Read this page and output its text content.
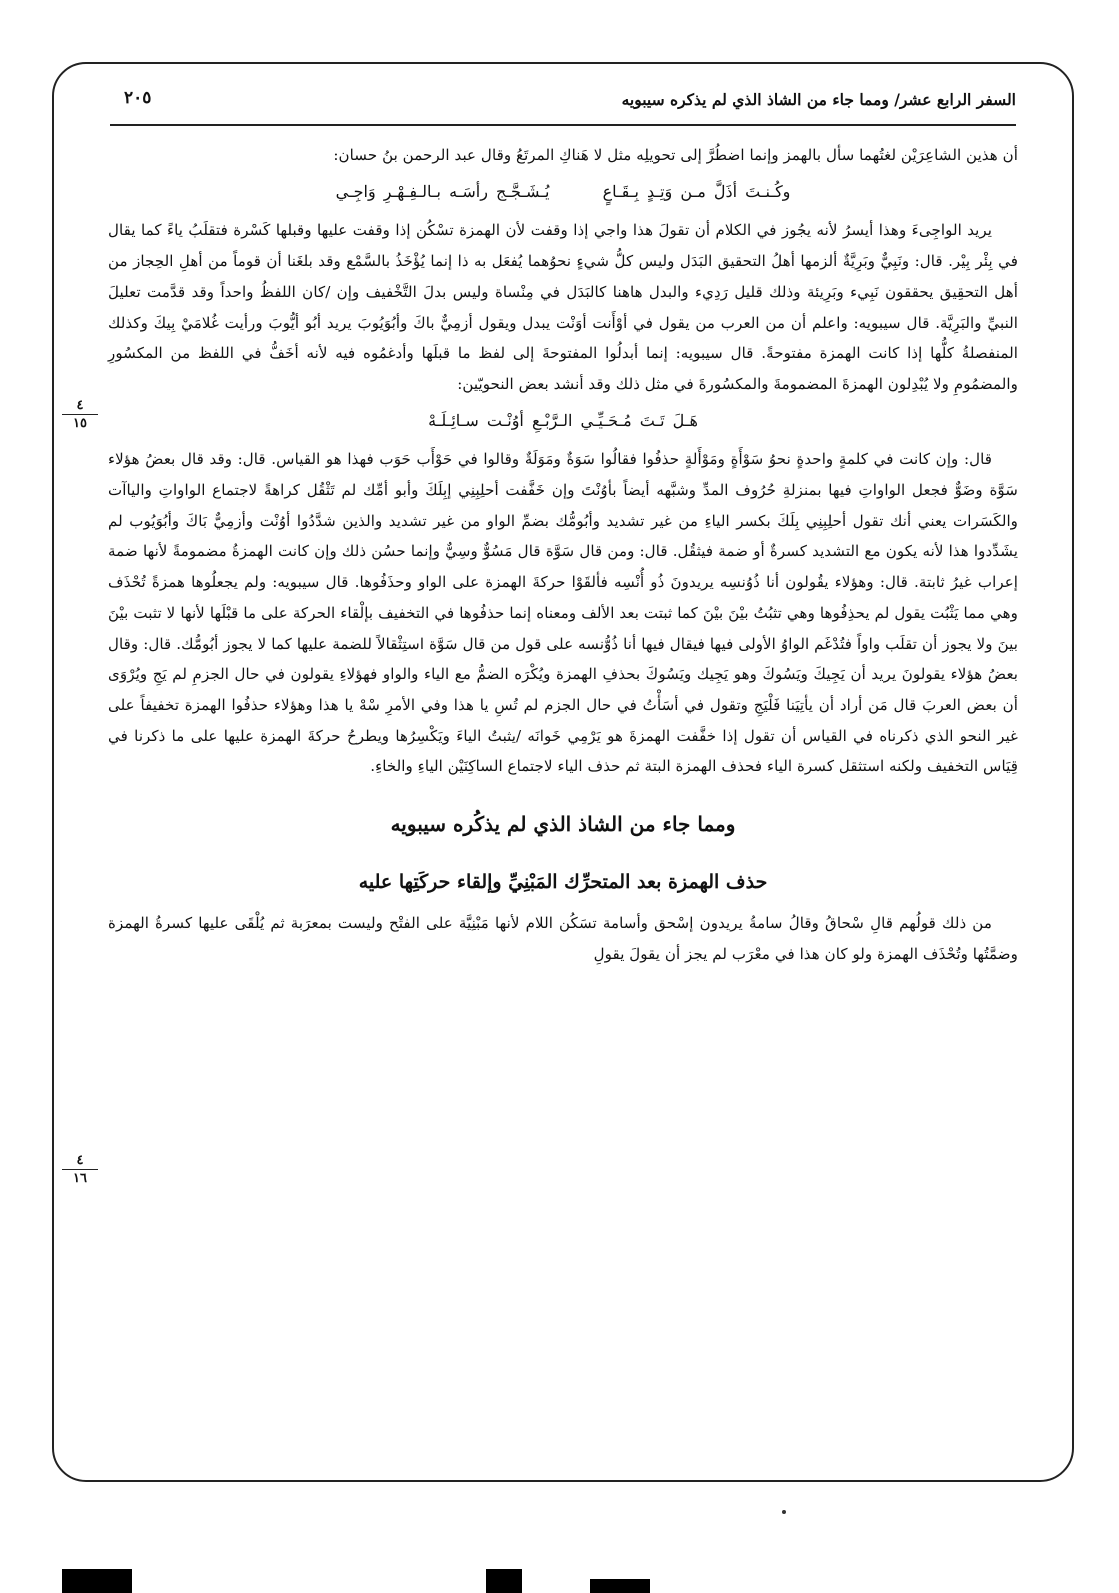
٢٠٥	السفر الرابع عشر/ ومما جاء من الشاذ الذي لم يذكره سيبويه

أن هذين الشاعِرَيْن لغتُهما سأل بالهمز وإنما اضطُرَّ إلى تحويلِه مثل لا هَناكِ المرتَعُ وقال عبد الرحمن بنُ حسان:

وكُـنـتَ أذَلَّ مـن وَتِـدٍ بِـقَـاعٍ يُـشَـجَّـج رأسَـه بـالـفِـهْـرِ وَاجِـي

يريد الواجِىءَ وهذا أيسرُ لأنه يجُوز في الكلام أن تقولَ هذا واجي إذا وقفت لأن الهمزة تسْكُن إذا وقفت عليها وقبلها كَسْرة فتقلَبُ ياءً كما يقال في بِئْر بِيْر. قال: ونَبِيٌّ وبَرِيَّةٌ ألزمها أهلُ التحقيق البَدَل وليس كلُّ شيءٍ نحوُهما يُفعَل به ذا إنما يُؤْخَذُ بالسَّمْع وقد بلغَنا أن قوماً من أهلِ الحِجاز من أهل التحقِيق يحققون نَبِيء وبَرِيئة وذلك قليل رَدِيء والبدل هاهنا كالبَدَل في مِنْساة وليس بدلَ التَّخْفيف وإن /كان اللفظُ واحداً وقد قدَّمت تعليلَ النبيِّ والبَرِيَّة. قال سيبويه: واعلم أن من العرب من يقول في أوْأَنت أوَنْت يبدل ويقول أزمِيٌّ باكَ وأبُوَيُوبَ يريد أبُو أيُّوبَ ورأيت غُلامَيْ بِيكَ وكذلك المنفصلةُ كلُّها إذا كانت الهمزة مفتوحةً. قال سيبويه: إنما أبدلُوا المفتوحةَ إلى لفظ ما قبلَها وأدغمُوه فيه لأنه أخَفُّ في اللفظ من المكسُورِ والمضمُومِ ولا يُبْدِلون الهمزةَ المضمومةَ والمكسُورةَ في مثل ذلك وقد أنشد بعض النحويّين:

هَـلَ تَـتَ مُـحَـيِّـي الـرَّبْـعِ أوُنْـت سـائِـلَـهْ

قال: وإن كانت في كلمةٍ واحدةٍ نحوُ سَوْأَةٍ ومَوْأَلةٍ حذفُوا فقالُوا سَوَةٌ ومَوَلَةٌ وقالوا في حَوْأَب حَوَب فهذا هو القياس. قال: وقد قال بعضُ هؤلاء سَوَّة وضَوٌّ فجعل الواواتِ فيها بمنزلةِ حُرُوف المدِّ وشبَّهه أيضاً بأوُنْتَ وإن خَفَّفت أحلِبِنِي إبِلَكَ وأبو أمِّك لم تَثْقُل كراهةً لاجتماع الواواتِ والياآت والكَسَرات يعني أنك تقول أحلِبِنِي بِلَكَ بكسر الياءِ من غير تشديد وأبُومُّك بضمِّ الواو من غير تشديد والذين شدَّدُوا أوُنْت وأزمِيٌّ بَاكَ وأبُوَيُوب لم يشَدِّدوا هذا لأنه يكون مع التشديد كسرةٌ أو ضمة فيثقُل. قال: ومن قال سَوَّة قال مَسُوٌّ وسِيٌّ وإنما حسُن ذلك وإن كانت الهمزةُ مضمومةً لأنها ضمة إعراب غيرُ ثابتة. قال: وهؤلاء يقُولون أنا ذُوُنسِه يريدونَ ذُو أُنْسِه فألقَوْا حركةَ الهمزة على الواو وحذَفُوها. قال سيبويه: ولم يجعلُوها همزةً تُحْذَف وهي مما يَثْبُت يقول لم يحذِفُوها وهي تثبُتُ بيْنَ بيْنَ كما ثبتت بعد الألف ومعناه إنما حذفُوها في التخفيف بإلْقاء الحركة على ما قبْلَها لأنها لا تثبت بيْنَ بينَ ولا يجوز أن تقلَب واواً فتُدْغَم الواوُ الأولى فيها فيقال فيها أنا ذُوُّنسه على قول من قال سَوَّة استِثْقالاً للضمة عليها كما لا يجوز أبُومُّك. قال: وقال بعضُ هؤلاء يقولونَ يريد أن يَجِيكَ ويَسُوكَ وهو يَجِيك ويَسُوكَ بحذفِ الهمزة ويُكْرَه الضمُّ مع الياء والواو فهؤلاءِ يقولون في حال الجزمِ لم يَجِ ويُرْوَى أن بعض العربَ قال مَن أراد أن يأتِيَنا فَلْيَجِ وتقول في أسَأْتُ في حال الجزم لم تُسِ يا هذا وفي الأمرِ سْهْ يا هذا وهؤلاء حذفُوا الهمزة تخفيفاً على غير النحو الذي ذكرناه في القياس أن تقول إذا خفَّفت الهمزةَ هو يَرْمِي خَوانَه /يثبتُ الياءَ ويَكْسِرُها ويطرحُ حركةَ الهمزة عليها على ما ذكرنا في قِيَاس التخفيف ولكنه استثقل كسرة الياء فحذف الهمزة البتة ثم حذف الياء لاجتماع الساكِنَيْن الياءِ والخاءِ.

ومما جاء من الشاذ الذي لم يذكُره سيبويه

حذف الهمزة بعد المتحرِّك المَبْنِيِّ وإلقاء حركَتِها عليه

من ذلك قولُهم قالِ سْحاقُ وقالُ سامةُ يريدون إسْحق وأسامة تسَكُن اللام لأنها مَبْنِيَّة على الفتْح وليست بمعرَبة ثم يُلْقَى عليها كسرةُ الهمزة وضمَّتُها وتُحْذَف الهمزة ولو كان هذا في معْرَب لم يجز أن يقولَ يقولِ

٤
١٥
٤
١٦
